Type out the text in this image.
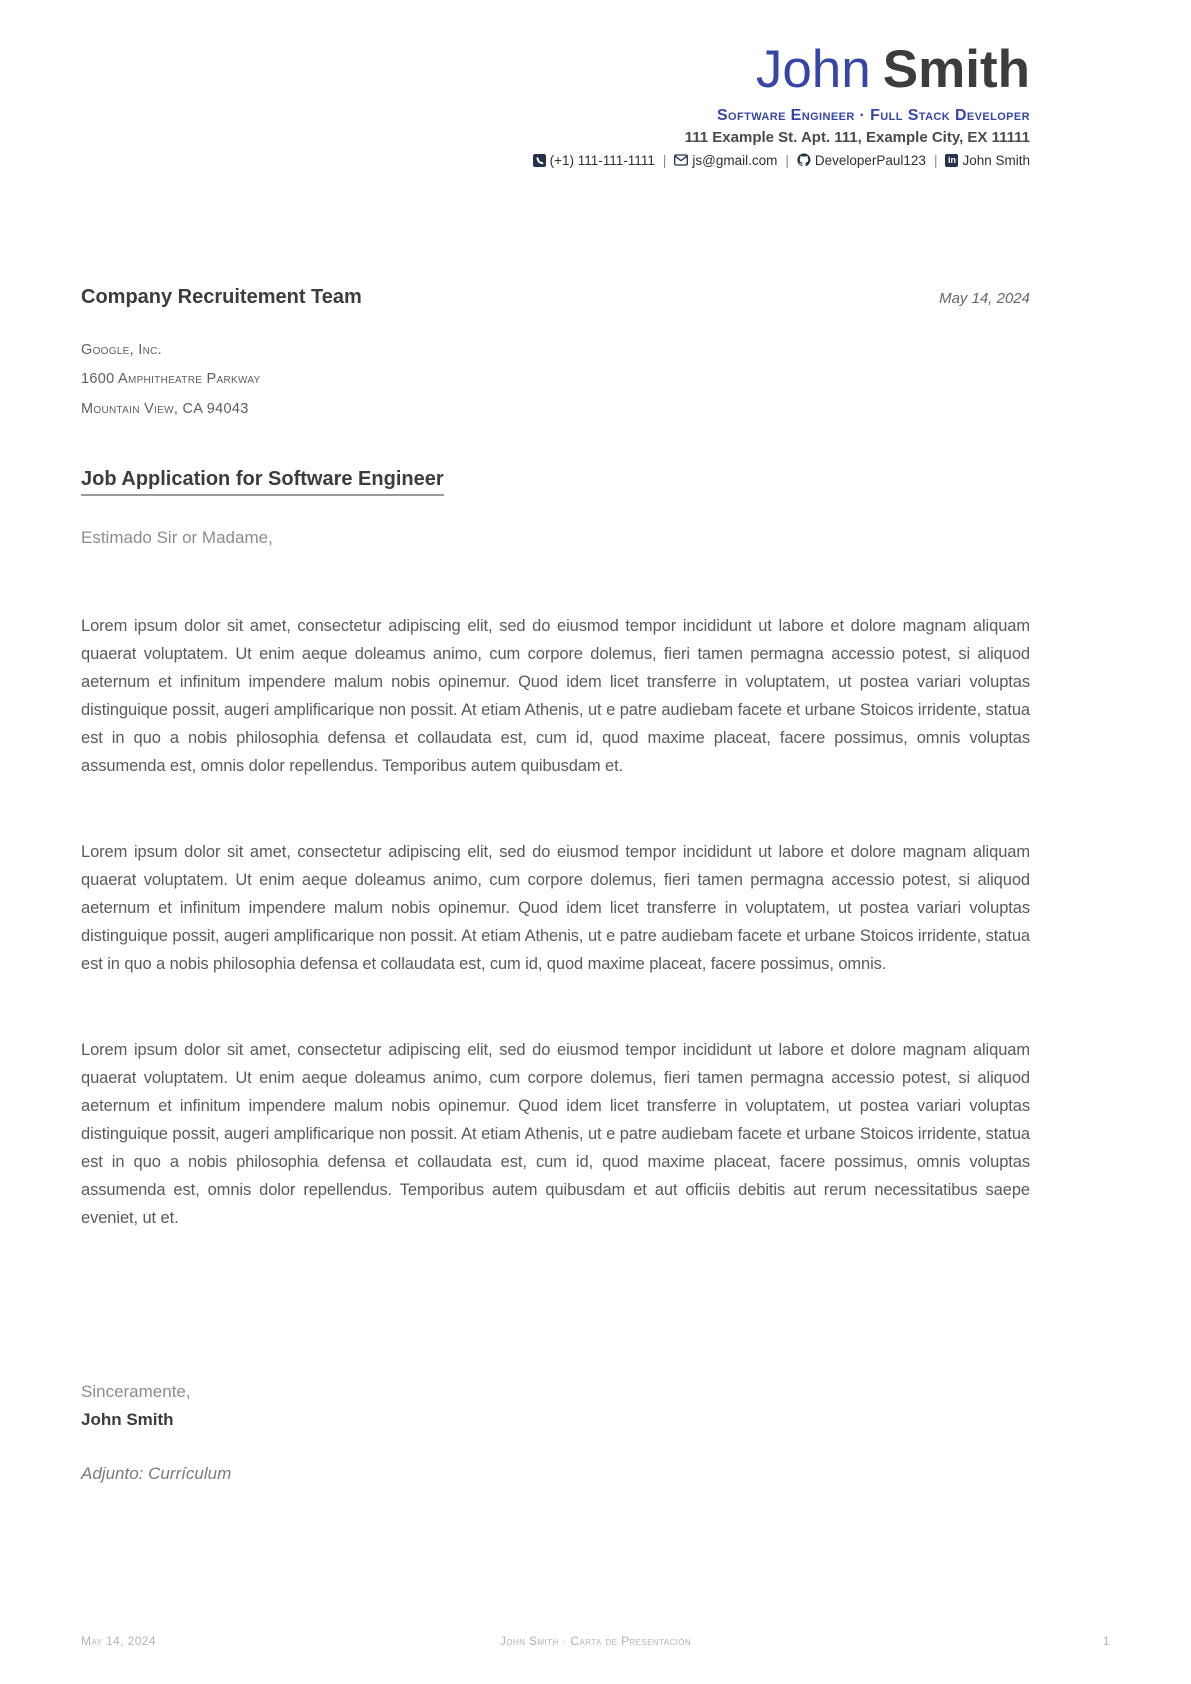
John Smith
Software Engineer · Full Stack Developer
111 Example St. Apt. 111, Example City, EX 11111
(+1) 111-111-1111 | js@gmail.com | DeveloperPaul123 | in John Smith
Company Recruitement Team	May 14, 2024
Google, Inc.
1600 Amphitheatre Parkway
Mountain View, CA 94043
Job Application for Software Engineer
Estimado Sir or Madame,

Lorem ipsum dolor sit amet, consectetur adipiscing elit, sed do eiusmod tempor incididunt ut labore et dolore magnam aliquam quaerat voluptatem. Ut enim aeque doleamus animo, cum corpore dolemus, fieri tamen permagna accessio potest, si aliquod aeternum et infinitum impendere malum nobis opinemur. Quod idem licet transferre in voluptatem, ut postea variari voluptas distinguique possit, augeri amplificarique non possit. At etiam Athenis, ut e patre audiebam facete et urbane Stoicos irridente, statua est in quo a nobis philosophia defensa et collaudata est, cum id, quod maxime placeat, facere possimus, omnis voluptas assumenda est, omnis dolor repellendus. Temporibus autem quibusdam et.

Lorem ipsum dolor sit amet, consectetur adipiscing elit, sed do eiusmod tempor incididunt ut labore et dolore magnam aliquam quaerat voluptatem. Ut enim aeque doleamus animo, cum corpore dolemus, fieri tamen permagna accessio potest, si aliquod aeternum et infinitum impendere malum nobis opinemur. Quod idem licet transferre in voluptatem, ut postea variari voluptas distinguique possit, augeri amplificarique non possit. At etiam Athenis, ut e patre audiebam facete et urbane Stoicos irridente, statua est in quo a nobis philosophia defensa et collaudata est, cum id, quod maxime placeat, facere possimus, omnis.

Lorem ipsum dolor sit amet, consectetur adipiscing elit, sed do eiusmod tempor incididunt ut labore et dolore magnam aliquam quaerat voluptatem. Ut enim aeque doleamus animo, cum corpore dolemus, fieri tamen permagna accessio potest, si aliquod aeternum et infinitum impendere malum nobis opinemur. Quod idem licet transferre in voluptatem, ut postea variari voluptas distinguique possit, augeri amplificarique non possit. At etiam Athenis, ut e patre audiebam facete et urbane Stoicos irridente, statua est in quo a nobis philosophia defensa et collaudata est, cum id, quod maxime placeat, facere possimus, omnis voluptas assumenda est, omnis dolor repellendus. Temporibus autem quibusdam et aut officiis debitis aut rerum necessitatibus saepe eveniet, ut et.

Sinceramente,
John Smith
Adjunto: Currículum
John Smith · Carta de Presentación
May 14, 2024	1
